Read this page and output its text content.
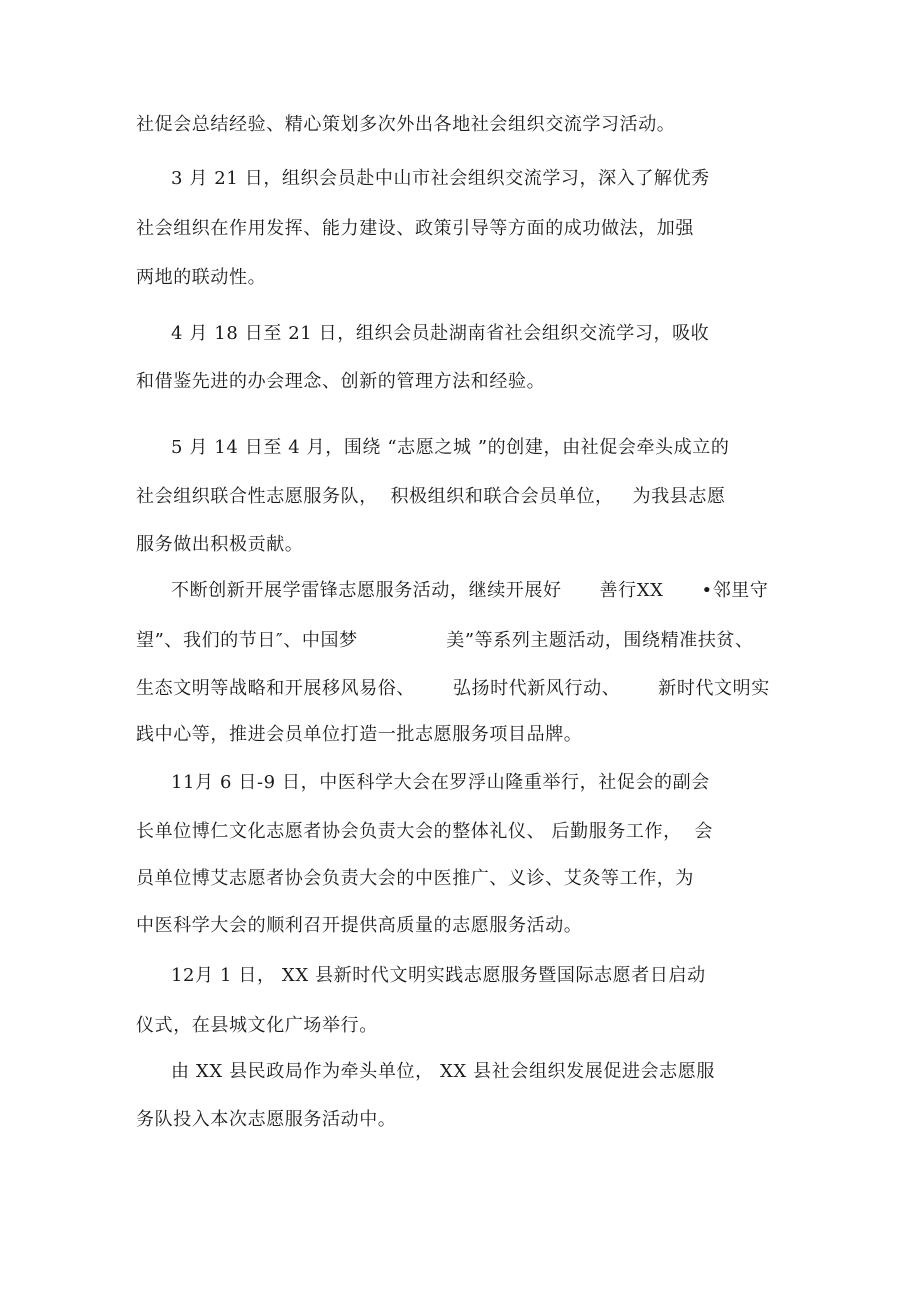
社促会总结经验、精心策划多次外出各地社会组织交流学习活动。
3 月 21 日，组织会员赴中山市社会组织交流学习，深入了解优秀
社会组织在作用发挥、能力建设、政策引导等方面的成功做法，加强
两地的联动性。
4 月 18 日至 21 日，组织会员赴湖南省社会组织交流学习，吸收
和借鉴先进的办会理念、创新的管理方法和经验。
5 月 14 日至 4 月，围绕 “志愿之城 ”的创建，由社促会牵头成立的
社会组织联合性志愿服务队，  积极组织和联合会员单位，   为我县志愿
服务做出积极贡献。
不断创新开展学雷锋志愿服务活动，继续开展好      善行XX      •邻里守
望”、我们的节日″、中国梦              美”等系列主题活动，围绕精准扶贫、
生态文明等战略和开展移风易俗、      弘扬时代新风行动、      新时代文明实
践中心等，推进会员单位打造一批志愿服务项目品牌。
11月 6 日-9 日，中医科学大会在罗浮山隆重举行，社促会的副会
长单位博仁文化志愿者协会负责大会的整体礼仪、 后勤服务工作，  会
员单位博艾志愿者协会负责大会的中医推广、义诊、艾灸等工作，为
中医科学大会的顺利召开提供高质量的志愿服务活动。
12月 1 日， XX 县新时代文明实践志愿服务暨国际志愿者日启动
仪式，在县城文化广场举行。
由 XX 县民政局作为牵头单位， XX 县社会组织发展促进会志愿服
务队投入本次志愿服务活动中。
